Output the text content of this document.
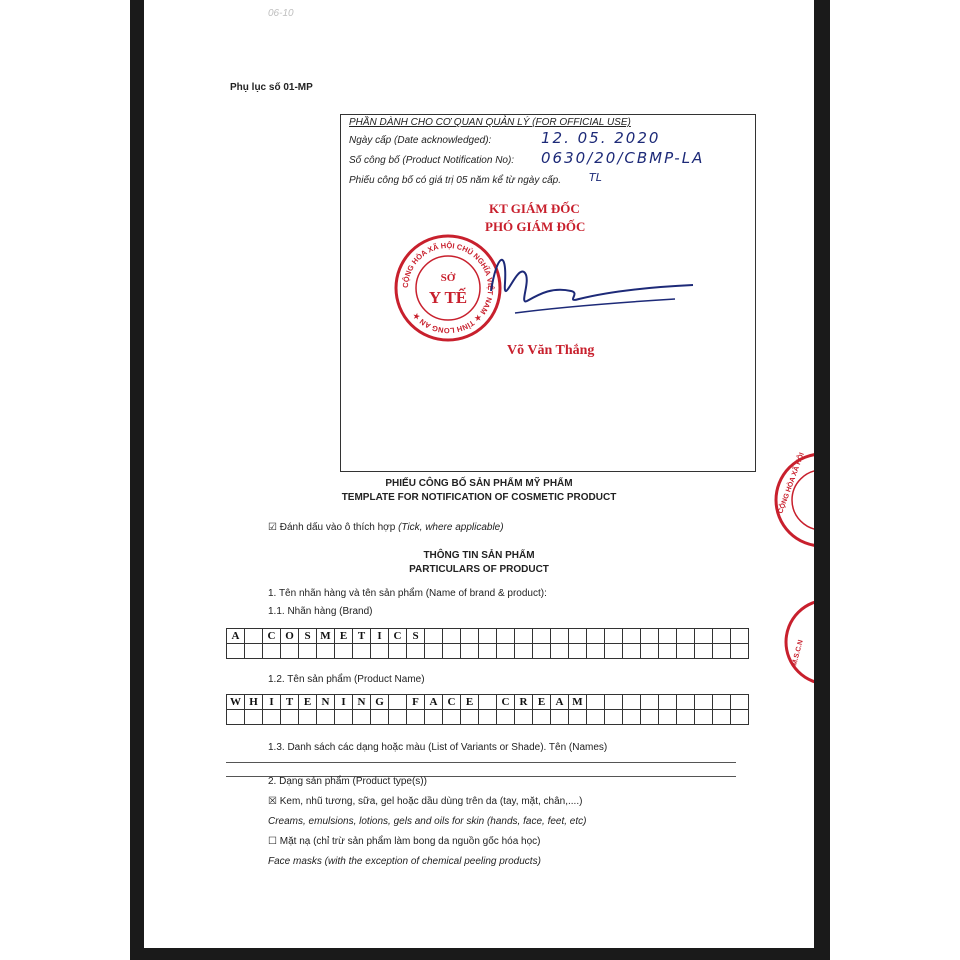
06-10
Phụ lục số 01-MP
PHẦN DÀNH CHO CƠ QUAN QUẢN LÝ (FOR OFFICIAL USE)
Ngày cấp (Date acknowledged):	12. 05. 2020
Số công bố (Product Notification No): 0630/20/CBMP-LA
Phiếu công bố có giá trị 05 năm kể từ ngày cấp.	TL
KT GIÁM ĐỐC
PHÓ GIÁM ĐỐC
CỘNG HÒA XÃ HỘI CHỦ NGHĨA VIỆT NAM ★ TỈNH LONG AN ★
SỞ
Y TẾ
Võ Văn Thắng
CỘNG HÒA XÃ HỘI
M.S.C.N
PHIẾU CÔNG BỐ SẢN PHẨM MỸ PHẨM
TEMPLATE FOR NOTIFICATION OF COSMETIC PRODUCT
☑ Đánh dấu vào ô thích hợp (Tick, where applicable)
THÔNG TIN SẢN PHẨM
PARTICULARS OF PRODUCT
1. Tên nhãn hàng và tên sản phẩm (Name of brand & product):
1.1. Nhãn hàng (Brand)
A	C O S M E T	I	C S
1.2. Tên sản phẩm (Product Name)
W H	I	T E N	I	N G	F A C E	C R E A M
1.3. Danh sách các dạng hoặc màu (List of Variants or Shade). Tên (Names)
2. Dạng sản phẩm (Product type(s))
☒ Kem, nhũ tương, sữa, gel hoặc dầu dùng trên da (tay, mặt, chân,....)
Creams, emulsions, lotions, gels and oils for skin (hands, face, feet, etc)
☐ Mặt nạ (chỉ trừ sản phẩm làm bong da nguồn gốc hóa học)
Face masks (with the exception of chemical peeling products)
